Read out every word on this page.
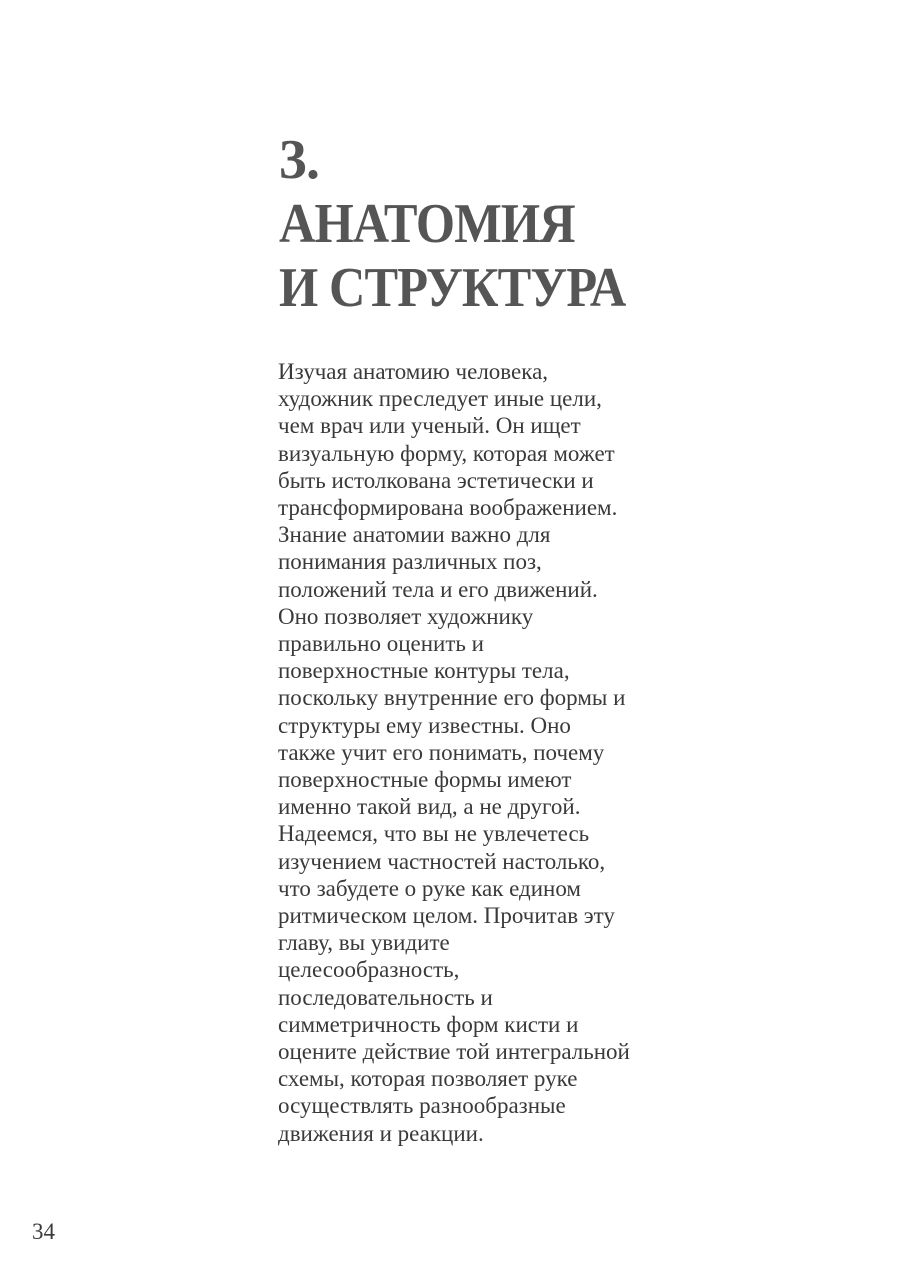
3.
АНАТОМИЯ
И СТРУКТУРА

Изучая анатомию человека,
художник преследует иные цели,
чем врач или ученый. Он ищет
визуальную форму, которая может
быть истолкована эстетически и
трансформирована воображением.
Знание анатомии важно для
понимания различных поз,
положений тела и его движений.
Оно позволяет художнику
правильно оценить и
поверхностные контуры тела,
поскольку внутренние его формы и
структуры ему известны. Оно
также учит его понимать, почему
поверхностные формы имеют
именно такой вид, а не другой.
Надеемся, что вы не увлечетесь
изучением частностей настолько,
что забудете о руке как едином
ритмическом целом. Прочитав эту
главу, вы увидите
целесообразность,
последовательность и
симметричность форм кисти и
оцените действие той интегральной
схемы, которая позволяет руке
осуществлять разнообразные
движения и реакции.

34
